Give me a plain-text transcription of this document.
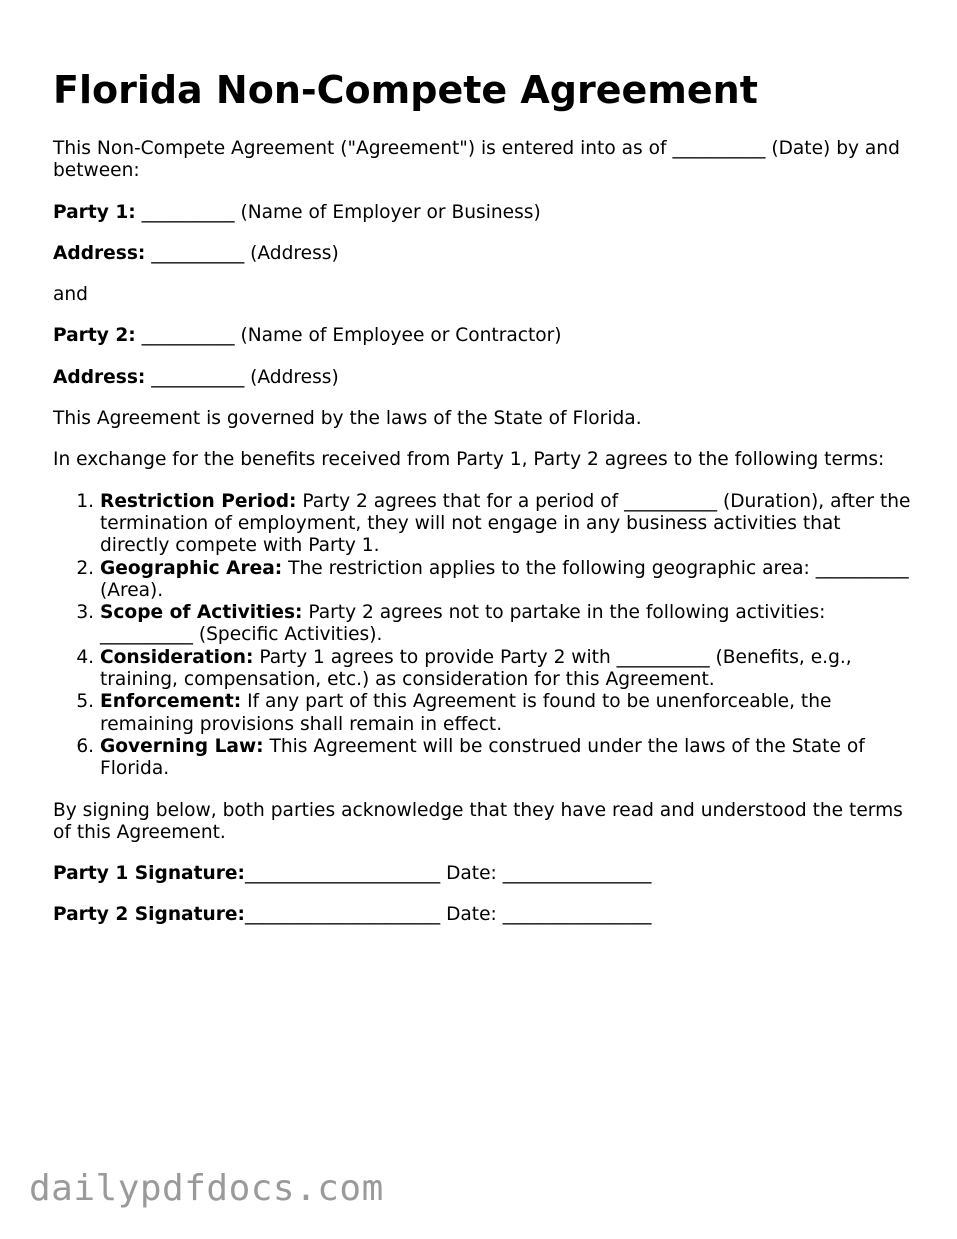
Florida Non-Compete Agreement

This Non-Compete Agreement ("Agreement") is entered into as of __________ (Date) by and between:

Party 1: __________ (Name of Employer or Business)

Address: __________ (Address)

and

Party 2: __________ (Name of Employee or Contractor)

Address: __________ (Address)

This Agreement is governed by the laws of the State of Florida.

In exchange for the benefits received from Party 1, Party 2 agrees to the following terms:

1. Restriction Period: Party 2 agrees that for a period of __________ (Duration), after the termination of employment, they will not engage in any business activities that directly compete with Party 1.
2. Geographic Area: The restriction applies to the following geographic area: __________ (Area).
3. Scope of Activities: Party 2 agrees not to partake in the following activities: __________ (Specific Activities).
4. Consideration: Party 1 agrees to provide Party 2 with __________ (Benefits, e.g., training, compensation, etc.) as consideration for this Agreement.
5. Enforcement: If any part of this Agreement is found to be unenforceable, the remaining provisions shall remain in effect.
6. Governing Law: This Agreement will be construed under the laws of the State of Florida.

By signing below, both parties acknowledge that they have read and understood the terms of this Agreement.

Party 1 Signature:_____________________ Date: ________________

Party 2 Signature:_____________________ Date: ________________

dailypdfdocs.com
